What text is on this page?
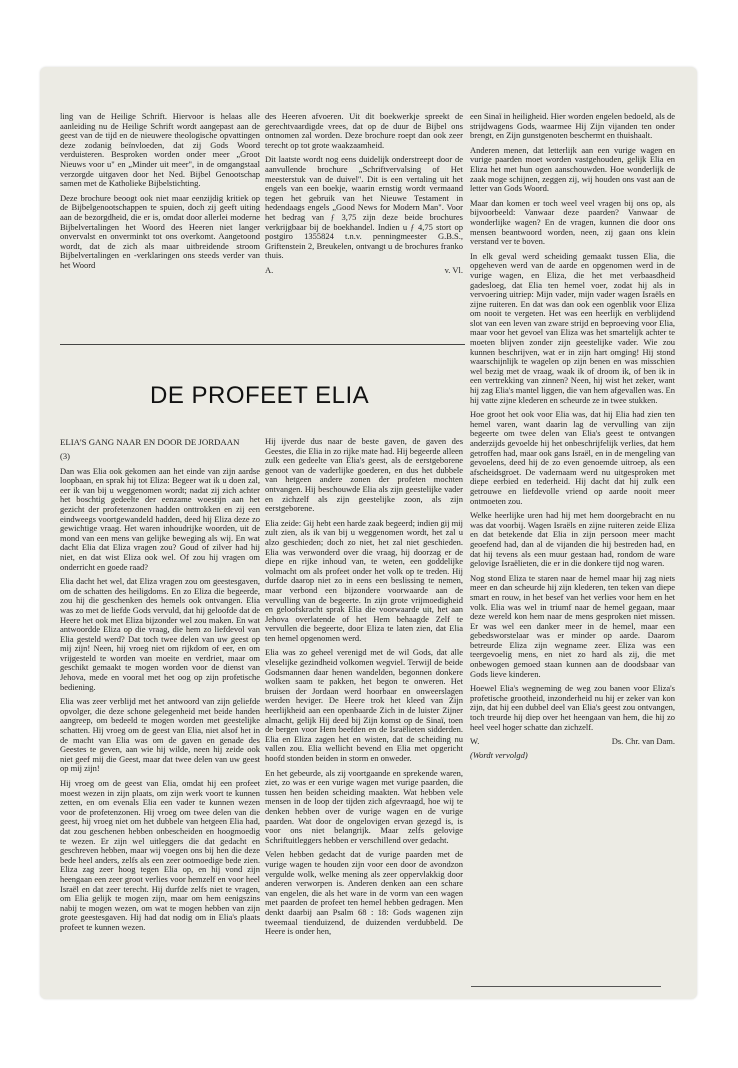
ling van de Heilige Schrift. Hiervoor is helaas alle aanleiding nu de Heilige Schrift wordt aangepast aan de geest van de tijd en de nieuwere theologische opvattingen deze zodanig beïnvloeden, dat zij Gods Woord verduisteren. Besproken worden onder meer „Groot Nieuws voor u" en „Minder uit meer", in de omgangstaal verzorgde uitgaven door het Ned. Bijbel Genootschap samen met de Katholieke Bijbelstichting.

Deze brochure beoogt ook niet maar eenzijdig kritiek op de Bijbelgenootschappen te spuien, doch zij geeft uiting aan de bezorgdheid, die er is, omdat door allerlei moderne Bijbelvertalingen het Woord des Heeren niet langer onvervalst en onverminkt tot ons overkomt. Aangetoond wordt, dat de zich als maar uitbreidende stroom Bijbelvertalingen en -verklaringen ons steeds verder van het Woord

des Heeren afvoeren. Uit dit boekwerkje spreekt de gerechtvaardigde vrees, dat op de duur de Bijbel ons ontnomen zal worden. Deze brochure roept dan ook zeer terecht op tot grote waakzaamheid.

Dit laatste wordt nog eens duidelijk onderstreept door de aanvullende brochure „Schriftvervalsing of Het meesterstuk van de duivel". Dit is een vertaling uit het engels van een boekje, waarin ernstig wordt vermaand tegen het gebruik van het Nieuwe Testament in hedendaags engels „Good News for Modern Man". Voor het bedrag van ƒ 3,75 zijn deze beide brochures verkrijgbaar bij de boekhandel. Indien u ƒ 4,75 stort op postgiro 1355824 t.n.v. penningmeester G.B.S., Griftenstein 2, Breukelen, ontvangt u de brochures franko thuis.

A.	v. Vl.
DE PROFEET ELIA

ELIA'S GANG NAAR EN DOOR DE JORDAAN

(3)

Dan was Elia ook gekomen aan het einde van zijn aardse loopbaan, en sprak hij tot Eliza: Begeer wat ik u doen zal, eer ik van bij u weggenomen wordt; nadat zij zich achter het boschtig gedeelte der eenzame woestijn aan het gezicht der profetenzonen hadden onttrokken en zij een eindweegs voortgewandeld hadden, deed hij Eliza deze zo gewichtige vraag. Het waren inhoudrijke woorden, uit de mond van een mens van gelijke beweging als wij. En wat dacht Elia dat Eliza vragen zou? Goud of zilver had hij niet, en dat wist Eliza ook wel. Of zou hij vragen om onderricht en goede raad?

Elia dacht het wel, dat Eliza vragen zou om geestesgaven, om de schatten des heiligdoms. En zo Eliza die begeerde, zou hij die geschenken des hemels ook ontvangen. Elia was zo met de liefde Gods vervuld, dat hij geloofde dat de Heere het ook met Eliza bijzonder wel zou maken. En wat antwoordde Eliza op die vraag, die hem zo liefdevol van Elia gesteld werd? Dat toch twee delen van uw geest op mij zijn! Neen, hij vroeg niet om rijkdom of eer, en om vrijgesteld te worden van moeite en verdriet, maar om geschikt gemaakt te mogen worden voor de dienst van Jehova, mede en vooral met het oog op zijn profetische bediening.

Elia was zeer verblijd met het antwoord van zijn geliefde opvolger, die deze schone gelegenheid met beide handen aangreep, om bedeeld te mogen worden met geestelijke schatten. Hij vroeg om de geest van Elia, niet alsof het in de macht van Elia was om de gaven en genade des Geestes te geven, aan wie hij wilde, neen hij zeide ook niet geef mij die Geest, maar dat twee delen van uw geest op mij zijn!

Hij vroeg om de geest van Elia, omdat hij een profeet moest wezen in zijn plaats, om zijn werk voort te kunnen zetten, en om evenals Elia een vader te kunnen wezen voor de profetenzonen. Hij vroeg om twee delen van die geest, hij vroeg niet om het dubbele van hetgeen Elia had, dat zou geschenen hebben onbescheiden en hoogmoedig te wezen. Er zijn wel uitleggers die dat gedacht en geschreven hebben, maar wij voegen ons bij hen die deze bede heel anders, zelfs als een zeer ootmoedige bede zien. Eliza zag zeer hoog tegen Elia op, en hij vond zijn heengaan een zeer groot verlies voor hemzelf en voor heel Israël en dat zeer terecht. Hij durfde zelfs niet te vragen, om Elia gelijk te mogen zijn, maar om hem eenigszins nabij te mogen wezen, om wat te mogen hebben van zijn grote geestesgaven. Hij had dat nodig om in Elia's plaats profeet te kunnen wezen.

Hij ijverde dus naar de beste gaven, de gaven des Geestes, die Elia in zo rijke mate had. Hij begeerde alleen zulk een gedeelte van Elia's geest, als de eerstgeborene genoot van de vaderlijke goederen, en dus het dubbele van hetgeen andere zonen der profeten mochten ontvangen. Hij beschouwde Elia als zijn geestelijke vader en zichzelf als zijn geestelijke zoon, als zijn eerstgeborene.

Elia zeide: Gij hebt een harde zaak begeerd; indien gij mij zult zien, als ik van bij u weggenomen wordt, het zal u alzo geschieden; doch zo niet, het zal niet geschieden. Elia was verwonderd over die vraag, hij doorzag er de diepe en rijke inhoud van, te weten, een goddelijke volmacht om als profeet onder het volk op te treden. Hij durfde daarop niet zo in eens een beslissing te nemen, maar verbond een bijzondere voorwaarde aan de vervulling van de begeerte. In zijn grote vrijmoedigheid en geloofskracht sprak Elia die voorwaarde uit, het aan Jehova overlatende of het Hem behaagde Zelf te vervullen die begeerte, door Eliza te laten zien, dat Elia ten hemel opgenomen werd.

Elia was zo geheel verenigd met de wil Gods, dat alle vleselijke gezindheid volkomen wegviel. Terwijl de beide Godsmannen daar henen wandelden, begonnen donkere wolken saam te pakken, het begon te onweren. Het bruisen der Jordaan werd hoorbaar en onweerslagen werden heviger. De Heere trok het kleed van Zijn heerlijkheid aan een openbaarde Zich in de luister Zijner almacht, gelijk Hij deed bij Zijn komst op de Sinaï, toen de bergen voor Hem beefden en de Israëlieten sidderden. Elia en Eliza zagen het en wisten, dat de scheiding nu vallen zou. Elia wellicht bevend en Elia met opgericht hoofd stonden beiden in storm en onweder.

En het gebeurde, als zij voortgaande en sprekende waren, ziet, zo was er een vurige wagen met vurige paarden, die tussen hen beiden scheiding maakten. Wat hebben vele mensen in de loop der tijden zich afgevraagd, hoe wij te denken hebben over de vurige wagen en de vurige paarden. Wat door de ongelovigen ervan gezegd is, is voor ons niet belangrijk. Maar zelfs gelovige Schriftuitleggers hebben er verschillend over gedacht.

Velen hebben gedacht dat de vurige paarden met de vurige wagen te houden zijn voor een door de avondzon vergulde wolk, welke mening als zeer oppervlakkig door anderen verworpen is. Anderen denken aan een schare van engelen, die als het ware in de vorm van een wagen met paarden de profeet ten hemel hebben gedragen. Men denkt daarbij aan Psalm 68 : 18: Gods wagenen zijn tweemaal tienduizend, de duizenden verdubbeld. De Heere is onder hen,

een Sinaï in heiligheid. Hier worden engelen bedoeld, als de strijdwagens Gods, waarmee Hij Zijn vijanden ten onder brengt, en Zijn gunstgenoten beschermt en thuishaalt.

Anderen menen, dat letterlijk aan een vurige wagen en vurige paarden moet worden vastgehouden, gelijk Elia en Eliza het met hun ogen aanschouwden. Hoe wonderlijk de zaak moge schijnen, zeggen zij, wij houden ons vast aan de letter van Gods Woord.

Maar dan komen er toch weel veel vragen bij ons op, als bijvoorbeeld: Vanwaar deze paarden? Vanwaar de wonderlijke wagen? En de vragen, kunnen die door ons mensen beantwoord worden, neen, zij gaan ons klein verstand ver te boven.

In elk geval werd scheiding gemaakt tussen Elia, die opgeheven werd van de aarde en opgenomen werd in de vurige wagen, en Eliza, die het met verbaasdheid gadesloeg, dat Elia ten hemel voer, zodat hij als in vervoering uitriep: Mijn vader, mijn vader wagen Israëls en zijne ruiteren. En dat was dan ook een ogenblik voor Eliza om nooit te vergeten. Het was een heerlijk en verblijdend slot van een leven van zware strijd en beproeving voor Elia, maar voor het gevoel van Eliza was het smartelijk achter te moeten blijven zonder zijn geestelijke vader. Wie zou kunnen beschrijven, wat er in zijn hart omging! Hij stond waarschijnlijk te wagelen op zijn benen en was misschien wel bezig met de vraag, waak ik of droom ik, of ben ik in een vertrekking van zinnen? Neen, hij wist het zeker, want hij zag Elia's mantel liggen, die van hem afgevallen was. En hij vatte zijne klederen en scheurde ze in twee stukken.

Hoe groot het ook voor Elia was, dat hij Elia had zien ten hemel varen, want daarin lag de vervulling van zijn begeerte om twee delen van Elia's geest te ontvangen anderzijds gevoelde hij het onbeschrijfelijk verlies, dat hem getroffen had, maar ook gans Israël, en in de mengeling van gevoelens, deed hij de zo even genoemde uitroep, als een afscheidsgroet. De vadernaam werd nu uitgesproken met diepe eerbied en tederheid. Hij dacht dat hij zulk een getrouwe en liefdevolle vriend op aarde nooit meer ontmoeten zou.

Welke heerlijke uren had hij met hem doorgebracht en nu was dat voorbij. Wagen Israëls en zijne ruiteren zeide Eliza en dat betekende dat Elia in zijn persoon meer macht geoefend had, dan al de vijanden die hij bestreden had, en dat hij tevens als een muur gestaan had, rondom de ware gelovige Israëlieten, die er in die donkere tijd nog waren.

Nog stond Eliza te staren naar de hemel maar hij zag niets meer en dan scheurde hij zijn klederen, ten teken van diepe smart en rouw, in het besef van het verlies voor hem en het volk. Elia was wel in triumf naar de hemel gegaan, maar deze wereld kon hem naar de mens gesproken niet missen. Er was wel een danker meer in de hemel, maar een gebedsworstelaar was er minder op aarde. Daarom betreurde Eliza zijn wegname zeer. Eliza was een teergevoelig mens, en niet zo hard als zij, die met onbewogen gemoed staan kunnen aan de doodsbaar van Gods lieve kinderen.

Hoewel Elia's wegneming de weg zou banen voor Eliza's profetische grootheid, inzonderheid nu hij er zeker van kon zijn, dat hij een dubbel deel van Elia's geest zou ontvangen, toch treurde hij diep over het heengaan van hem, die hij zo heel veel hoger schatte dan zichzelf.

W.	Ds. Chr. van Dam.

(Wordt vervolgd)
